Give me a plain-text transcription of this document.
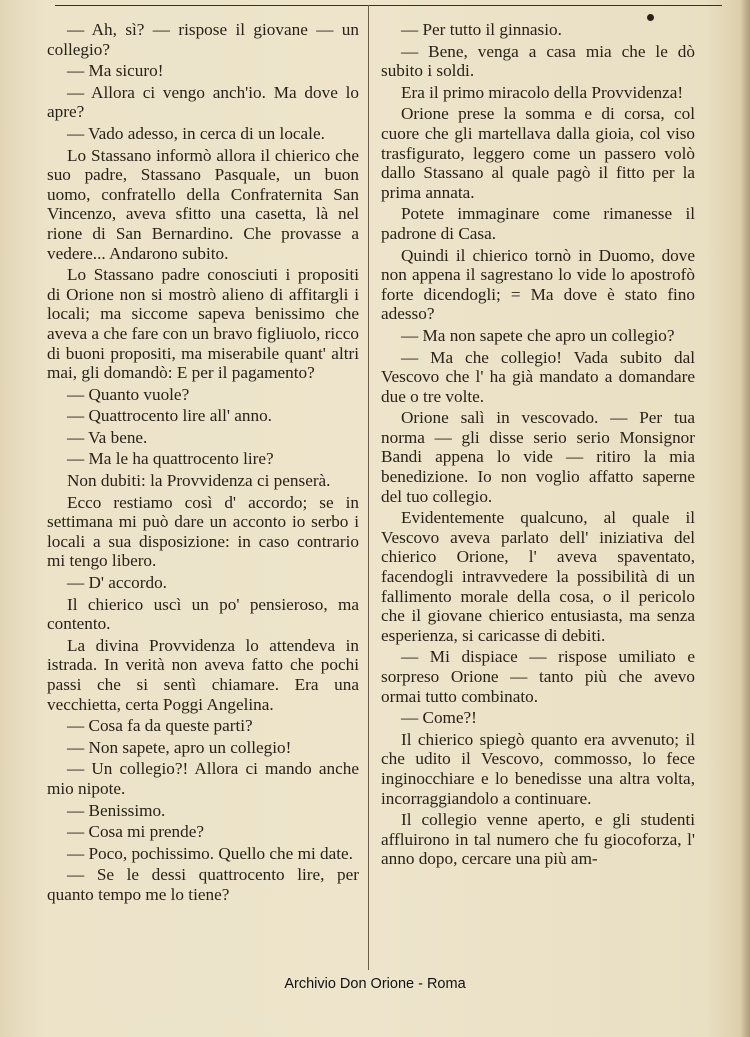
— Ah, sì? — rispose il giovane — un collegio?

— Ma sicuro!

— Allora ci vengo anch'io. Ma dove lo apre?

— Vado adesso, in cerca di un locale.

Lo Stassano informò allora il chierico che suo padre, Stassano Pasquale, un buon uomo, confratello della Confraternita San Vincenzo, aveva sfitto una casetta, là nel rione di San Bernardino. Che provasse a vedere... Andarono subito.

Lo Stassano padre conosciuti i propositi di Orione non si mostrò alieno di affitargli i locali; ma siccome sapeva benissimo che aveva a che fare con un bravo figliuolo, ricco di buoni propositi, ma miserabile quant' altri mai, gli domandò: E per il pagamento?

— Quanto vuole?

— Quattrocento lire all' anno.

— Va bene.

— Ma le ha quattrocento lire?

Non dubiti: la Provvidenza ci penserà.

Ecco restiamo così d' accordo; se in settimana mi può dare un acconto io serbo i locali a sua disposizione: in caso contrario mi tengo libero.

— D' accordo.

Il chierico uscì un po' pensieroso, ma contento.

La divina Provvidenza lo attendeva in istrada. In verità non aveva fatto che pochi passi che si sentì chiamare. Era una vecchietta, certa Poggi Angelina.

— Cosa fa da queste parti?

— Non sapete, apro un collegio!

— Un collegio?! Allora ci mando anche mio nipote.

— Benissimo.

— Cosa mi prende?

— Poco, pochissimo. Quello che mi date.

— Se le dessi quattrocento lire, per quanto tempo me lo tiene?

— Per tutto il ginnasio.

— Bene, venga a casa mia che le dò subito i soldi.

Era il primo miracolo della Provvidenza!

Orione prese la somma e di corsa, col cuore che gli martellava dalla gioia, col viso trasfigurato, leggero come un passero volò dallo Stassano al quale pagò il fitto per la prima annata.

Potete immaginare come rimanesse il padrone di Casa.

Quindi il chierico tornò in Duomo, dove non appena il sagrestano lo vide lo apostrofò forte dicendogli; = Ma dove è stato fino adesso?

— Ma non sapete che apro un collegio?

— Ma che collegio! Vada subito dal Vescovo che l' ha già mandato a domandare due o tre volte.

Orione salì in vescovado. — Per tua norma — gli disse serio serio Monsignor Bandi appena lo vide — ritiro la mia benedizione. Io non voglio affatto saperne del tuo collegio.

Evidentemente qualcuno, al quale il Vescovo aveva parlato dell' iniziativa del chierico Orione, l' aveva spaventato, facendogli intravvedere la possibilità di un fallimento morale della cosa, o il pericolo che il giovane chierico entusiasta, ma senza esperienza, si caricasse di debiti.

— Mi dispiace — rispose umiliato e sorpreso Orione — tanto più che avevo ormai tutto combinato.

— Come?!

Il chierico spiegò quanto era avvenuto; il che udito il Vescovo, commosso, lo fece inginocchiare e lo benedisse una altra volta, incorraggiandolo a continuare.

Il collegio venne aperto, e gli studenti affluirono in tal numero che fu giocoforza, l' anno dopo, cercare una più am-

Archivio Don Orione - Roma
